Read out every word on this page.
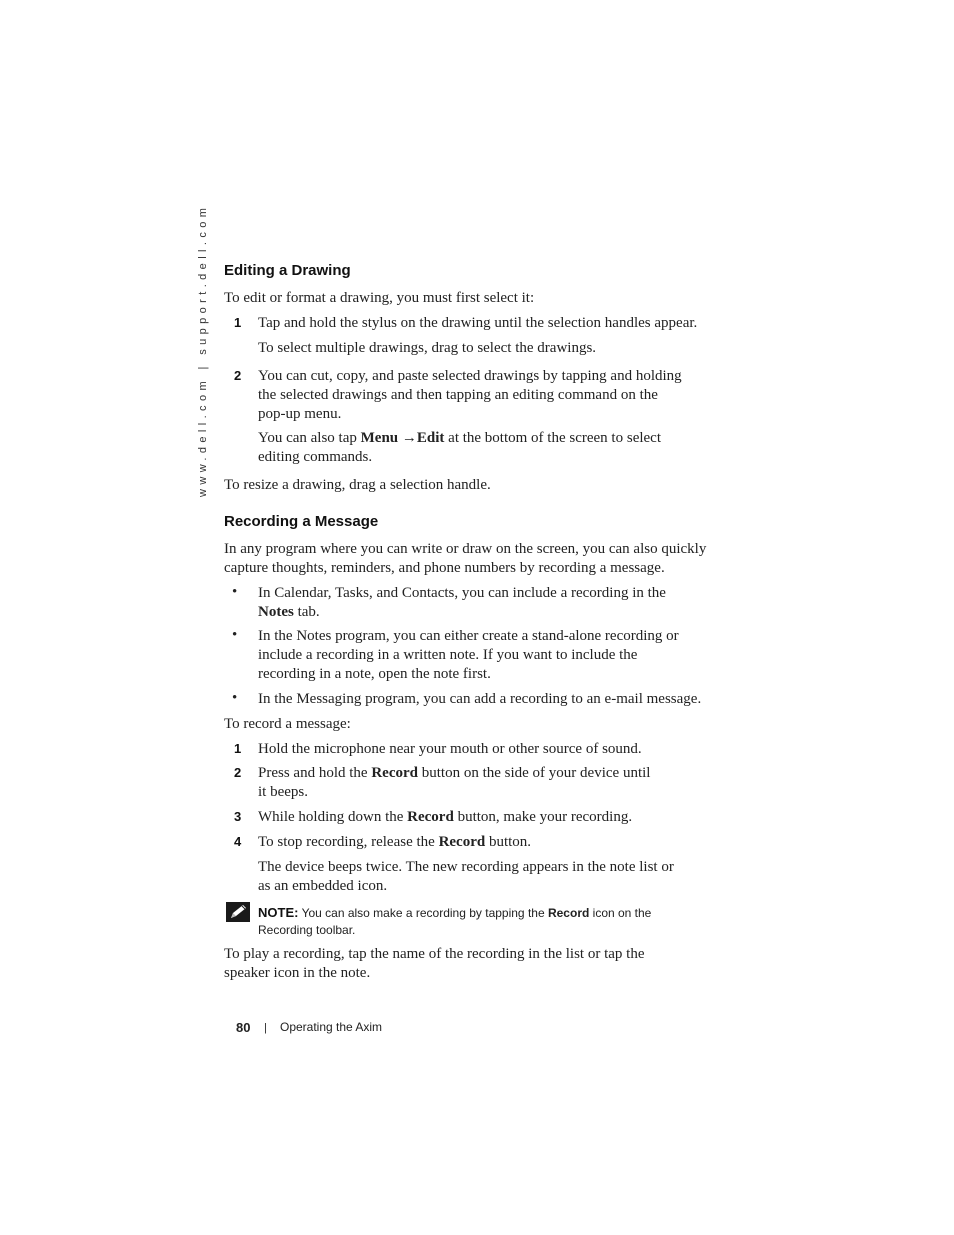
www.dell.com | support.dell.com Editing a Drawing
To edit or format a drawing, you must first select it:
1 Tap and hold the stylus on the drawing until the selection handles appear.
To select multiple drawings, drag to select the drawings.
2 You can cut, copy, and paste selected drawings by tapping and holding
the selected drawings and then tapping an editing command on the
pop-up menu.
You can also tap Menu →Edit at the bottom of the screen to select
editing commands.
To resize a drawing, drag a selection handle.
Recording a Message
In any program where you can write or draw on the screen, you can also quickly
capture thoughts, reminders, and phone numbers by recording a message.
• In Calendar, Tasks, and Contacts, you can include a recording in the
Notes tab.
• In the Notes program, you can either create a stand-alone recording or
include a recording in a written note. If you want to include the
recording in a note, open the note first.
• In the Messaging program, you can add a recording to an e-mail message.
To record a message:
1 Hold the microphone near your mouth or other source of sound.
2 Press and hold the Record button on the side of your device until
it beeps.
3 While holding down the Record button, make your recording.
4 To stop recording, release the Record button.
The device beeps twice. The new recording appears in the note list or
as an embedded icon.
NOTE: You can also make a recording by tapping the Record icon on the
Recording toolbar.
To play a recording, tap the name of the recording in the list or tap the
speaker icon in the note.
80 | Operating the Axim
